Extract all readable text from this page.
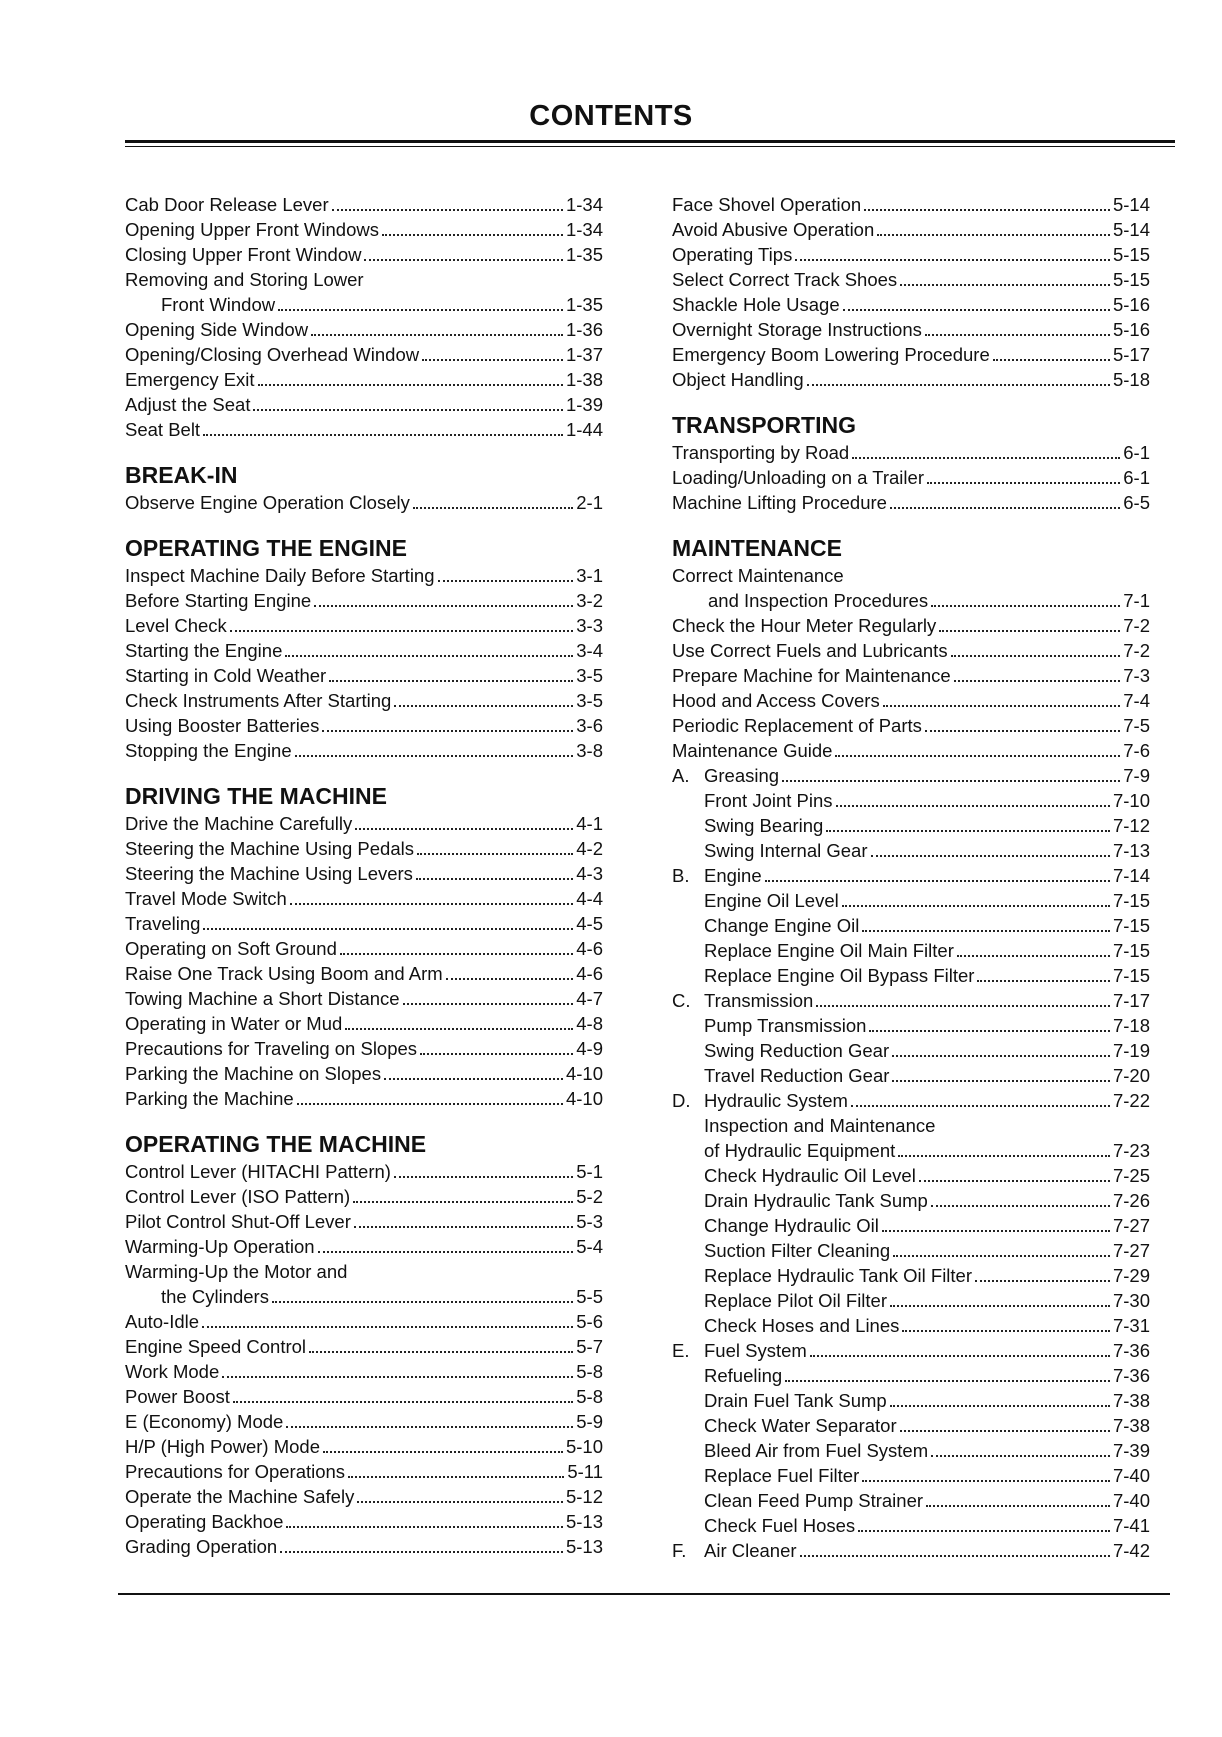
CONTENTS
Cab Door Release Lever	1-34
Opening Upper Front Windows	1-34
Closing Upper Front Window	1-35
Removing and Storing Lower
Front Window	1-35
Opening Side Window	1-36
Opening/Closing Overhead Window	1-37
Emergency Exit	1-38
Adjust the Seat	1-39
Seat Belt	1-44
BREAK-IN
Observe Engine Operation Closely	2-1
OPERATING THE ENGINE
Inspect Machine Daily Before Starting	3-1
Before Starting Engine	3-2
Level Check	3-3
Starting the Engine	3-4
Starting in Cold Weather	3-5
Check Instruments After Starting	3-5
Using Booster Batteries	3-6
Stopping the Engine	3-8
DRIVING THE MACHINE
Drive the Machine Carefully	4-1
Steering the Machine Using Pedals	4-2
Steering the Machine Using Levers	4-3
Travel Mode Switch	4-4
Traveling	4-5
Operating on Soft Ground	4-6
Raise One Track Using Boom and Arm	4-6
Towing Machine a Short Distance	4-7
Operating in Water or Mud	4-8
Precautions for Traveling on Slopes	4-9
Parking the Machine on Slopes	4-10
Parking the Machine	4-10
OPERATING THE MACHINE
Control Lever (HITACHI Pattern)	5-1
Control Lever (ISO Pattern)	5-2
Pilot Control Shut-Off Lever	5-3
Warming-Up Operation	5-4
Warming-Up the Motor and
the Cylinders	5-5
Auto-Idle	5-6
Engine Speed Control	5-7
Work Mode	5-8
Power Boost	5-8
E (Economy) Mode	5-9
H/P (High Power) Mode	5-10
Precautions for Operations	5-11
Operate the Machine Safely	5-12
Operating Backhoe	5-13
Grading Operation	5-13
Face Shovel Operation	5-14
Avoid Abusive Operation	5-14
Operating Tips	5-15
Select Correct Track Shoes	5-15
Shackle Hole Usage	5-16
Overnight Storage Instructions	5-16
Emergency Boom Lowering Procedure	5-17
Object Handling	5-18
TRANSPORTING
Transporting by Road	6-1
Loading/Unloading on a Trailer	6-1
Machine Lifting Procedure	6-5
MAINTENANCE
Correct Maintenance
and Inspection Procedures	7-1
Check the Hour Meter Regularly	7-2
Use Correct Fuels and Lubricants	7-2
Prepare Machine for Maintenance	7-3
Hood and Access Covers	7-4
Periodic Replacement of Parts	7-5
Maintenance Guide	7-6
A. Greasing	7-9
Front Joint Pins	7-10
Swing Bearing	7-12
Swing Internal Gear	7-13
B. Engine	7-14
Engine Oil Level	7-15
Change Engine Oil	7-15
Replace Engine Oil Main Filter	7-15
Replace Engine Oil Bypass Filter	7-15
C. Transmission	7-17
Pump Transmission	7-18
Swing Reduction Gear	7-19
Travel Reduction Gear	7-20
D. Hydraulic System	7-22
Inspection and Maintenance
of Hydraulic Equipment	7-23
Check Hydraulic Oil Level	7-25
Drain Hydraulic Tank Sump	7-26
Change Hydraulic Oil	7-27
Suction Filter Cleaning	7-27
Replace Hydraulic Tank Oil Filter	7-29
Replace Pilot Oil Filter	7-30
Check Hoses and Lines	7-31
E. Fuel System	7-36
Refueling	7-36
Drain Fuel Tank Sump	7-38
Check Water Separator	7-38
Bleed Air from Fuel System	7-39
Replace Fuel Filter	7-40
Clean Feed Pump Strainer	7-40
Check Fuel Hoses	7-41
F. Air Cleaner	7-42
